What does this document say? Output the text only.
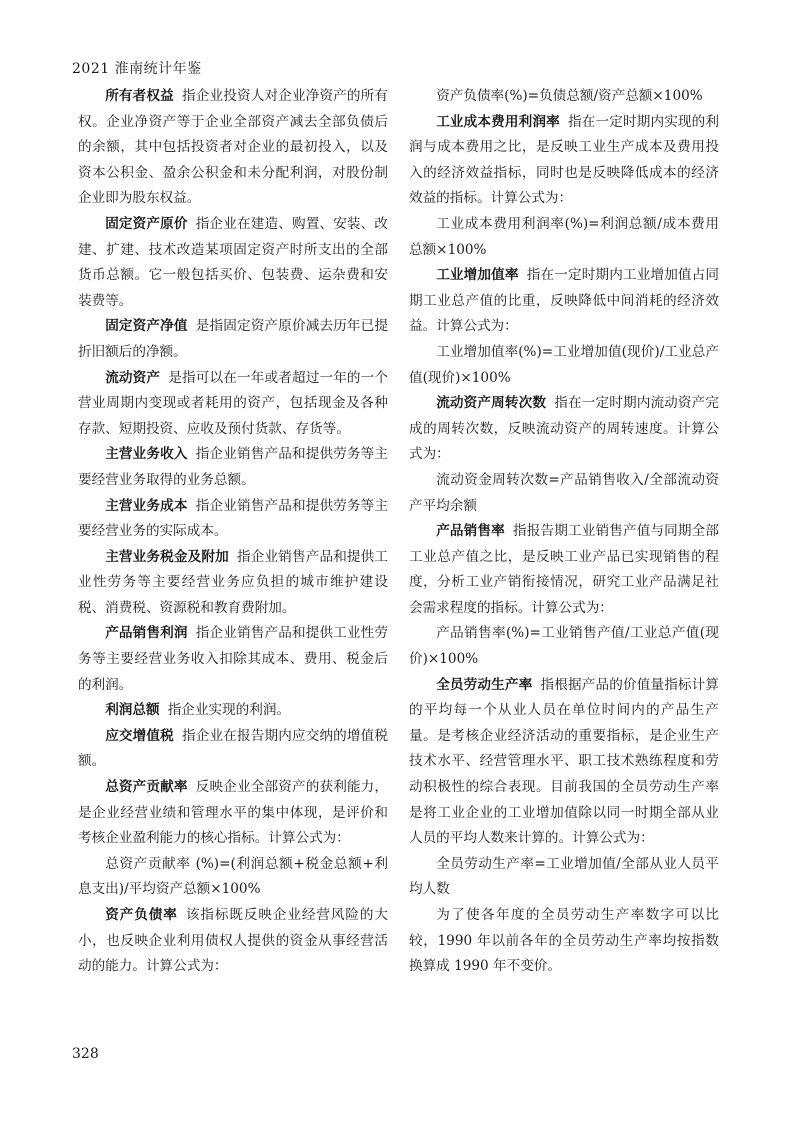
2021 淮南统计年鉴

所有者权益 指企业投资人对企业净资产的所有权。企业净资产等于企业全部资产减去全部负债后的余额，其中包括投资者对企业的最初投入，以及资本公积金、盈余公积金和未分配利润，对股份制企业即为股东权益。

固定资产原价 指企业在建造、购置、安装、改建、扩建、技术改造某项固定资产时所支出的全部货币总额。它一般包括买价、包装费、运杂费和安装费等。

固定资产净值 是指固定资产原价减去历年已提折旧额后的净额。

流动资产 是指可以在一年或者超过一年的一个营业周期内变现或者耗用的资产，包括现金及各种存款、短期投资、应收及预付货款、存货等。

主营业务收入 指企业销售产品和提供劳务等主要经营业务取得的业务总额。

主营业务成本 指企业销售产品和提供劳务等主要经营业务的实际成本。

主营业务税金及附加 指企业销售产品和提供工业性劳务等主要经营业务应负担的城市维护建设税、消费税、资源税和教育费附加。

产品销售利润 指企业销售产品和提供工业性劳务等主要经营业务收入扣除其成本、费用、税金后的利润。

利润总额 指企业实现的利润。

应交增值税 指企业在报告期内应交纳的增值税额。

总资产贡献率 反映企业全部资产的获利能力，是企业经营业绩和管理水平的集中体现，是评价和考核企业盈利能力的核心指标。计算公式为：

总资产贡献率 (%)=(利润总额+税金总额+利息支出)/平均资产总额×100%

资产负债率 该指标既反映企业经营风险的大小，也反映企业利用债权人提供的资金从事经营活动的能力。计算公式为：

资产负债率(%)=负债总额/资产总额×100%

工业成本费用利润率 指在一定时期内实现的利润与成本费用之比，是反映工业生产成本及费用投入的经济效益指标，同时也是反映降低成本的经济效益的指标。计算公式为：

工业成本费用利润率(%)=利润总额/成本费用总额×100%

工业增加值率 指在一定时期内工业增加值占同期工业总产值的比重，反映降低中间消耗的经济效益。计算公式为：

工业增加值率(%)=工业增加值(现价)/工业总产值(现价)×100%

流动资产周转次数 指在一定时期内流动资产完成的周转次数，反映流动资产的周转速度。计算公式为：

流动资金周转次数=产品销售收入/全部流动资产平均余额

产品销售率 指报告期工业销售产值与同期全部工业总产值之比，是反映工业产品已实现销售的程度，分析工业产销衔接情况，研究工业产品满足社会需求程度的指标。计算公式为：

产品销售率(%)=工业销售产值/工业总产值(现价)×100%

全员劳动生产率 指根据产品的价值量指标计算的平均每一个从业人员在单位时间内的产品生产量。是考核企业经济活动的重要指标，是企业生产技术水平、经营管理水平、职工技术熟练程度和劳动积极性的综合表现。目前我国的全员劳动生产率是将工业企业的工业增加值除以同一时期全部从业人员的平均人数来计算的。计算公式为：

全员劳动生产率=工业增加值/全部从业人员平均人数

为了使各年度的全员劳动生产率数字可以比较，1990 年以前各年的全员劳动生产率均按指数换算成 1990 年不变价。

328
